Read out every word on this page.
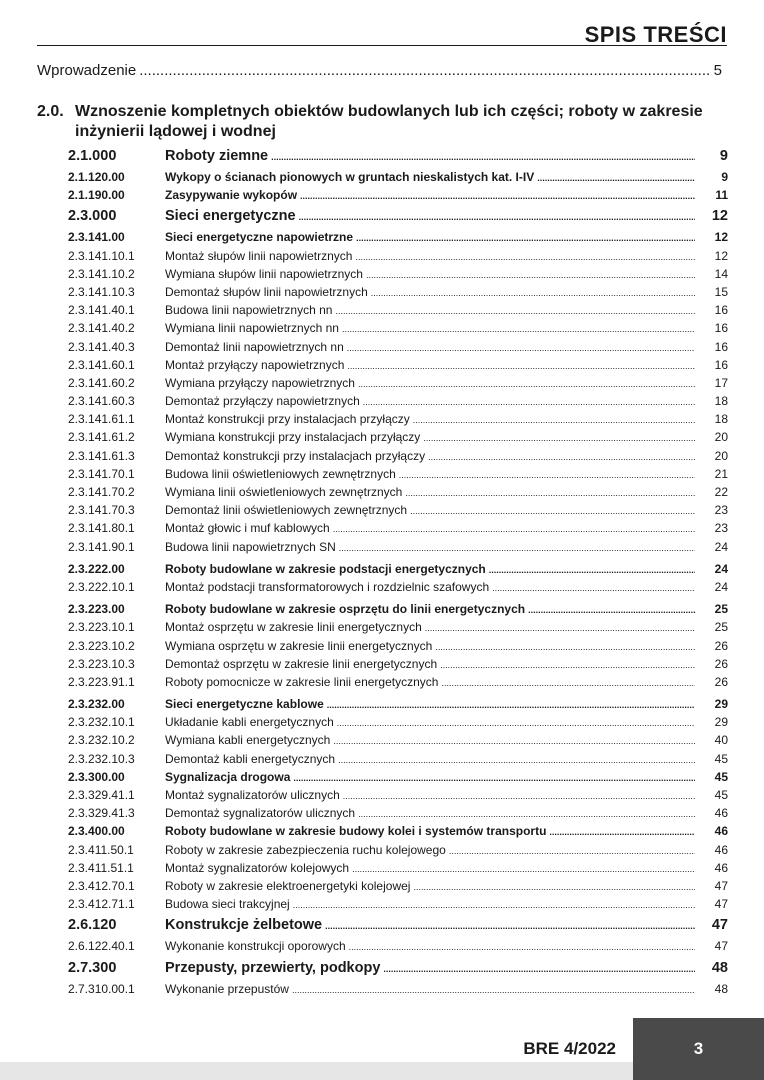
SPIS TREŚCI
Wprowadzenie .....	5
2.0. Wznoszenie kompletnych obiektów budowlanych lub ich części; roboty w zakresie inżynierii lądowej i wodnej
2.1.000	Roboty ziemne .....	9
2.1.120.00	Wykopy o ścianach pionowych w gruntach nieskalistych kat. I-IV .....	9
2.1.190.00	Zasypywanie wykopów .....	11
2.3.000	Sieci energetyczne .....	12
2.3.141.00	Sieci energetyczne napowietrzne .....	12
2.3.141.10.1	Montaż słupów linii napowietrznych .....	12
2.3.141.10.2	Wymiana słupów linii napowietrznych .....	14
2.3.141.10.3	Demontaż słupów linii napowietrznych .....	15
2.3.141.40.1	Budowa linii napowietrznych nn .....	16
2.3.141.40.2	Wymiana linii napowietrznych nn .....	16
2.3.141.40.3	Demontaż linii napowietrznych nn .....	16
2.3.141.60.1	Montaż przyłączy napowietrznych .....	16
2.3.141.60.2	Wymiana przyłączy napowietrznych .....	17
2.3.141.60.3	Demontaż przyłączy napowietrznych .....	18
2.3.141.61.1	Montaż konstrukcji przy instalacjach przyłączy .....	18
2.3.141.61.2	Wymiana konstrukcji przy instalacjach przyłączy .....	20
2.3.141.61.3	Demontaż konstrukcji przy instalacjach przyłączy .....	20
2.3.141.70.1	Budowa linii oświetleniowych zewnętrznych .....	21
2.3.141.70.2	Wymiana linii oświetleniowych zewnętrznych .....	22
2.3.141.70.3	Demontaż linii oświetleniowych zewnętrznych .....	23
2.3.141.80.1	Montaż głowic i muf kablowych .....	23
2.3.141.90.1	Budowa linii napowietrznych SN .....	24
2.3.222.00	Roboty budowlane w zakresie podstacji energetycznych .....	24
2.3.222.10.1	Montaż podstacji transformatorowych i rozdzielnic szafowych .....	24
2.3.223.00	Roboty budowlane w zakresie osprzętu do linii energetycznych .....	25
2.3.223.10.1	Montaż osprzętu w zakresie linii energetycznych .....	25
2.3.223.10.2	Wymiana osprzętu w zakresie linii energetycznych .....	26
2.3.223.10.3	Demontaż osprzętu w zakresie linii energetycznych .....	26
2.3.223.91.1	Roboty pomocnicze w zakresie linii energetycznych .....	26
2.3.232.00	Sieci energetyczne kablowe .....	29
2.3.232.10.1	Układanie kabli energetycznych .....	29
2.3.232.10.2	Wymiana kabli energetycznych .....	40
2.3.232.10.3	Demontaż kabli energetycznych .....	45
2.3.300.00	Sygnalizacja drogowa .....	45
2.3.329.41.1	Montaż sygnalizatorów ulicznych .....	45
2.3.329.41.3	Demontaż sygnalizatorów ulicznych .....	46
2.3.400.00	Roboty budowlane w zakresie budowy kolei i systemów transportu .....	46
2.3.411.50.1	Roboty w zakresie zabezpieczenia ruchu kolejowego .....	46
2.3.411.51.1	Montaż sygnalizatorów kolejowych .....	46
2.3.412.70.1	Roboty w zakresie elektroenergetyki kolejowej .....	47
2.3.412.71.1	Budowa sieci trakcyjnej .....	47
2.6.120	Konstrukcje żelbetowe .....	47
2.6.122.40.1	Wykonanie konstrukcji oporowych .....	47
2.7.300	Przepusty, przewierty, podkopy .....	48
2.7.310.00.1	Wykonanie przepustów .....	48
BRE 4/2022	3
